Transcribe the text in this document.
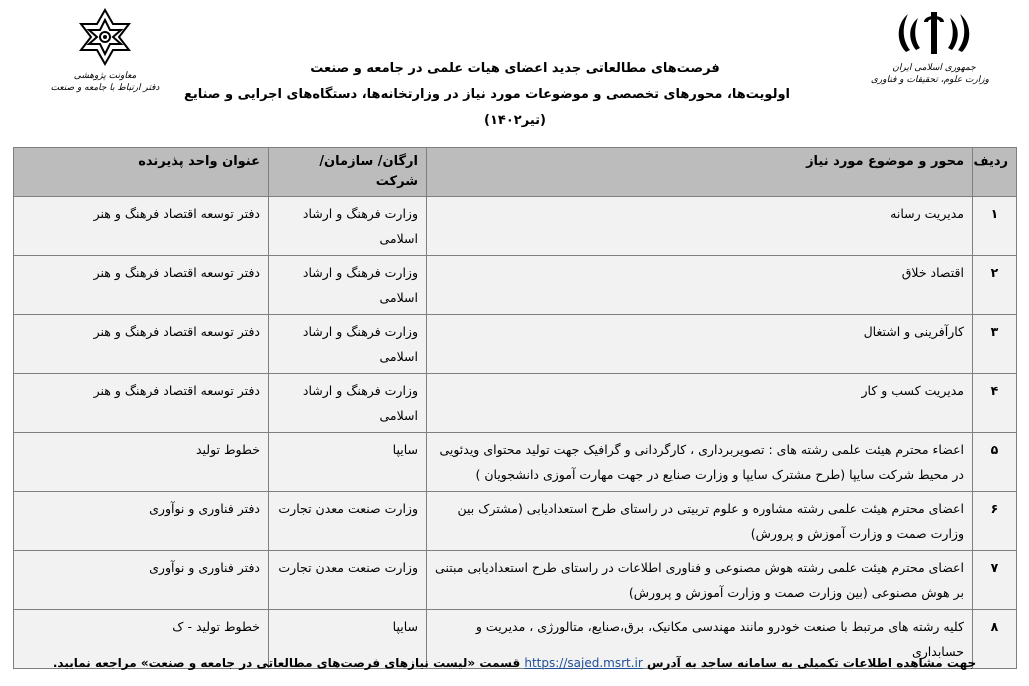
جمهوری اسلامی ایران
وزارت علوم، تحقیقات و فناوری
معاونت پژوهشی
دفتر ارتباط با جامعه و صنعت
فرصت‌های مطالعاتی جدید اعضای هیات علمی در جامعه و صنعت
اولویت‌ها، محورهای تخصصی و موضوعات مورد نیاز در وزارتخانه‌ها، دستگاه‌های اجرایی و صنایع
(تیر۱۴۰۲)
ردیف	محور و موضوع مورد نیاز	ارگان/ سازمان/ شرکت	عنوان واحد پذیرنده
۱	مدیریت رسانه	وزارت فرهنگ و ارشاد اسلامی	دفتر توسعه اقتصاد فرهنگ و هنر
۲	اقتصاد خلاق	وزارت فرهنگ و ارشاد اسلامی	دفتر توسعه اقتصاد فرهنگ و هنر
۳	کارآفرینی و اشتغال	وزارت فرهنگ و ارشاد اسلامی	دفتر توسعه اقتصاد فرهنگ و هنر
۴	مدیریت کسب و کار	وزارت فرهنگ و ارشاد اسلامی	دفتر توسعه اقتصاد فرهنگ و هنر
۵	اعضاء محترم هیئت علمی رشته های : تصویربرداری ، کارگردانی و گرافیک جهت تولید محتوای ویدئویی در محیط شرکت سایپا (طرح مشترک سایپا و وزارت صنایع در جهت مهارت آموزی دانشجویان )	سایپا	خطوط تولید
۶	اعضای محترم هیئت علمی رشته مشاوره و علوم تربیتی در راستای طرح استعدادیابی (مشترک بین وزارت صمت و وزارت آموزش و پرورش)	وزارت صنعت معدن تجارت	دفتر فناوری و نوآوری
۷	اعضای محترم هیئت علمی رشته هوش مصنوعی و فناوری اطلاعات در راستای طرح استعدادیابی مبتنی بر هوش مصنوعی (بین وزارت صمت و وزارت آموزش و پرورش)	وزارت صنعت معدن تجارت	دفتر فناوری و نوآوری
۸	کلیه رشته های مرتبط با صنعت خودرو مانند مهندسی مکانیک، برق،صنایع، متالورژی ، مدیریت و حسابداری	سایپا	خطوط تولید - ک
جهت مشاهده اطلاعات تکمیلی به سامانه ساجد به آدرس https://sajed.msrt.ir قسمت «لیست نیازهای فرصت‌های مطالعاتی در جامعه و صنعت» مراجعه نمایید.
